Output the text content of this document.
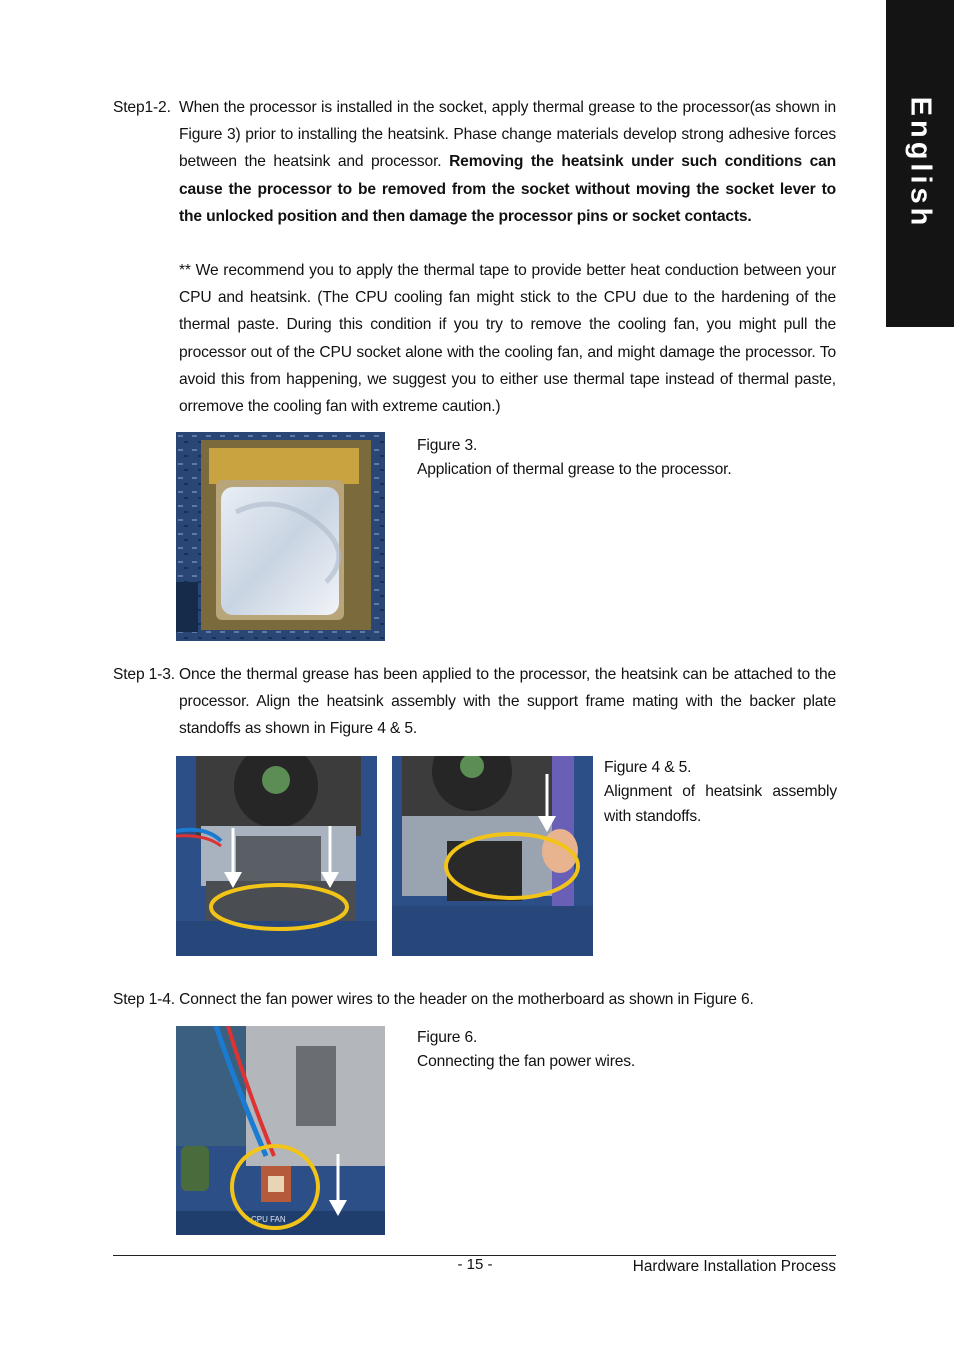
English
Step1-2. When the processor is installed in the socket, apply thermal grease to the processor(as shown in Figure 3) prior to installing the heatsink. Phase change materials develop strong adhesive forces between the heatsink and processor. Removing the heatsink under such conditions can cause the processor to be removed from the socket without moving the socket lever to the unlocked position and then damage the processor pins or socket contacts.
** We recommend you to apply the thermal tape to provide better heat conduction between your CPU and heatsink. (The CPU cooling fan might stick to the CPU due to the hardening of the thermal paste. During this condition if you try to remove the cooling fan, you might pull the processor out of the CPU socket alone with the cooling fan, and might damage the processor. To avoid this from happening, we suggest you to either use thermal tape instead of thermal paste, orremove the cooling fan with extreme caution.)
Figure 3.
Application of thermal grease to the processor.
Step 1-3. Once the thermal grease has been applied to the processor, the heatsink can be attached to the processor. Align the heatsink assembly with the support frame mating with the backer plate standoffs as shown in Figure 4 & 5.
Figure 4 & 5.
Alignment of heatsink assembly with standoffs.
Step 1-4. Connect the fan power wires to the header on the motherboard as shown in Figure 6.
CPU FAN
Figure 6.
Connecting the fan power wires.
- 15 -	Hardware Installation Process
